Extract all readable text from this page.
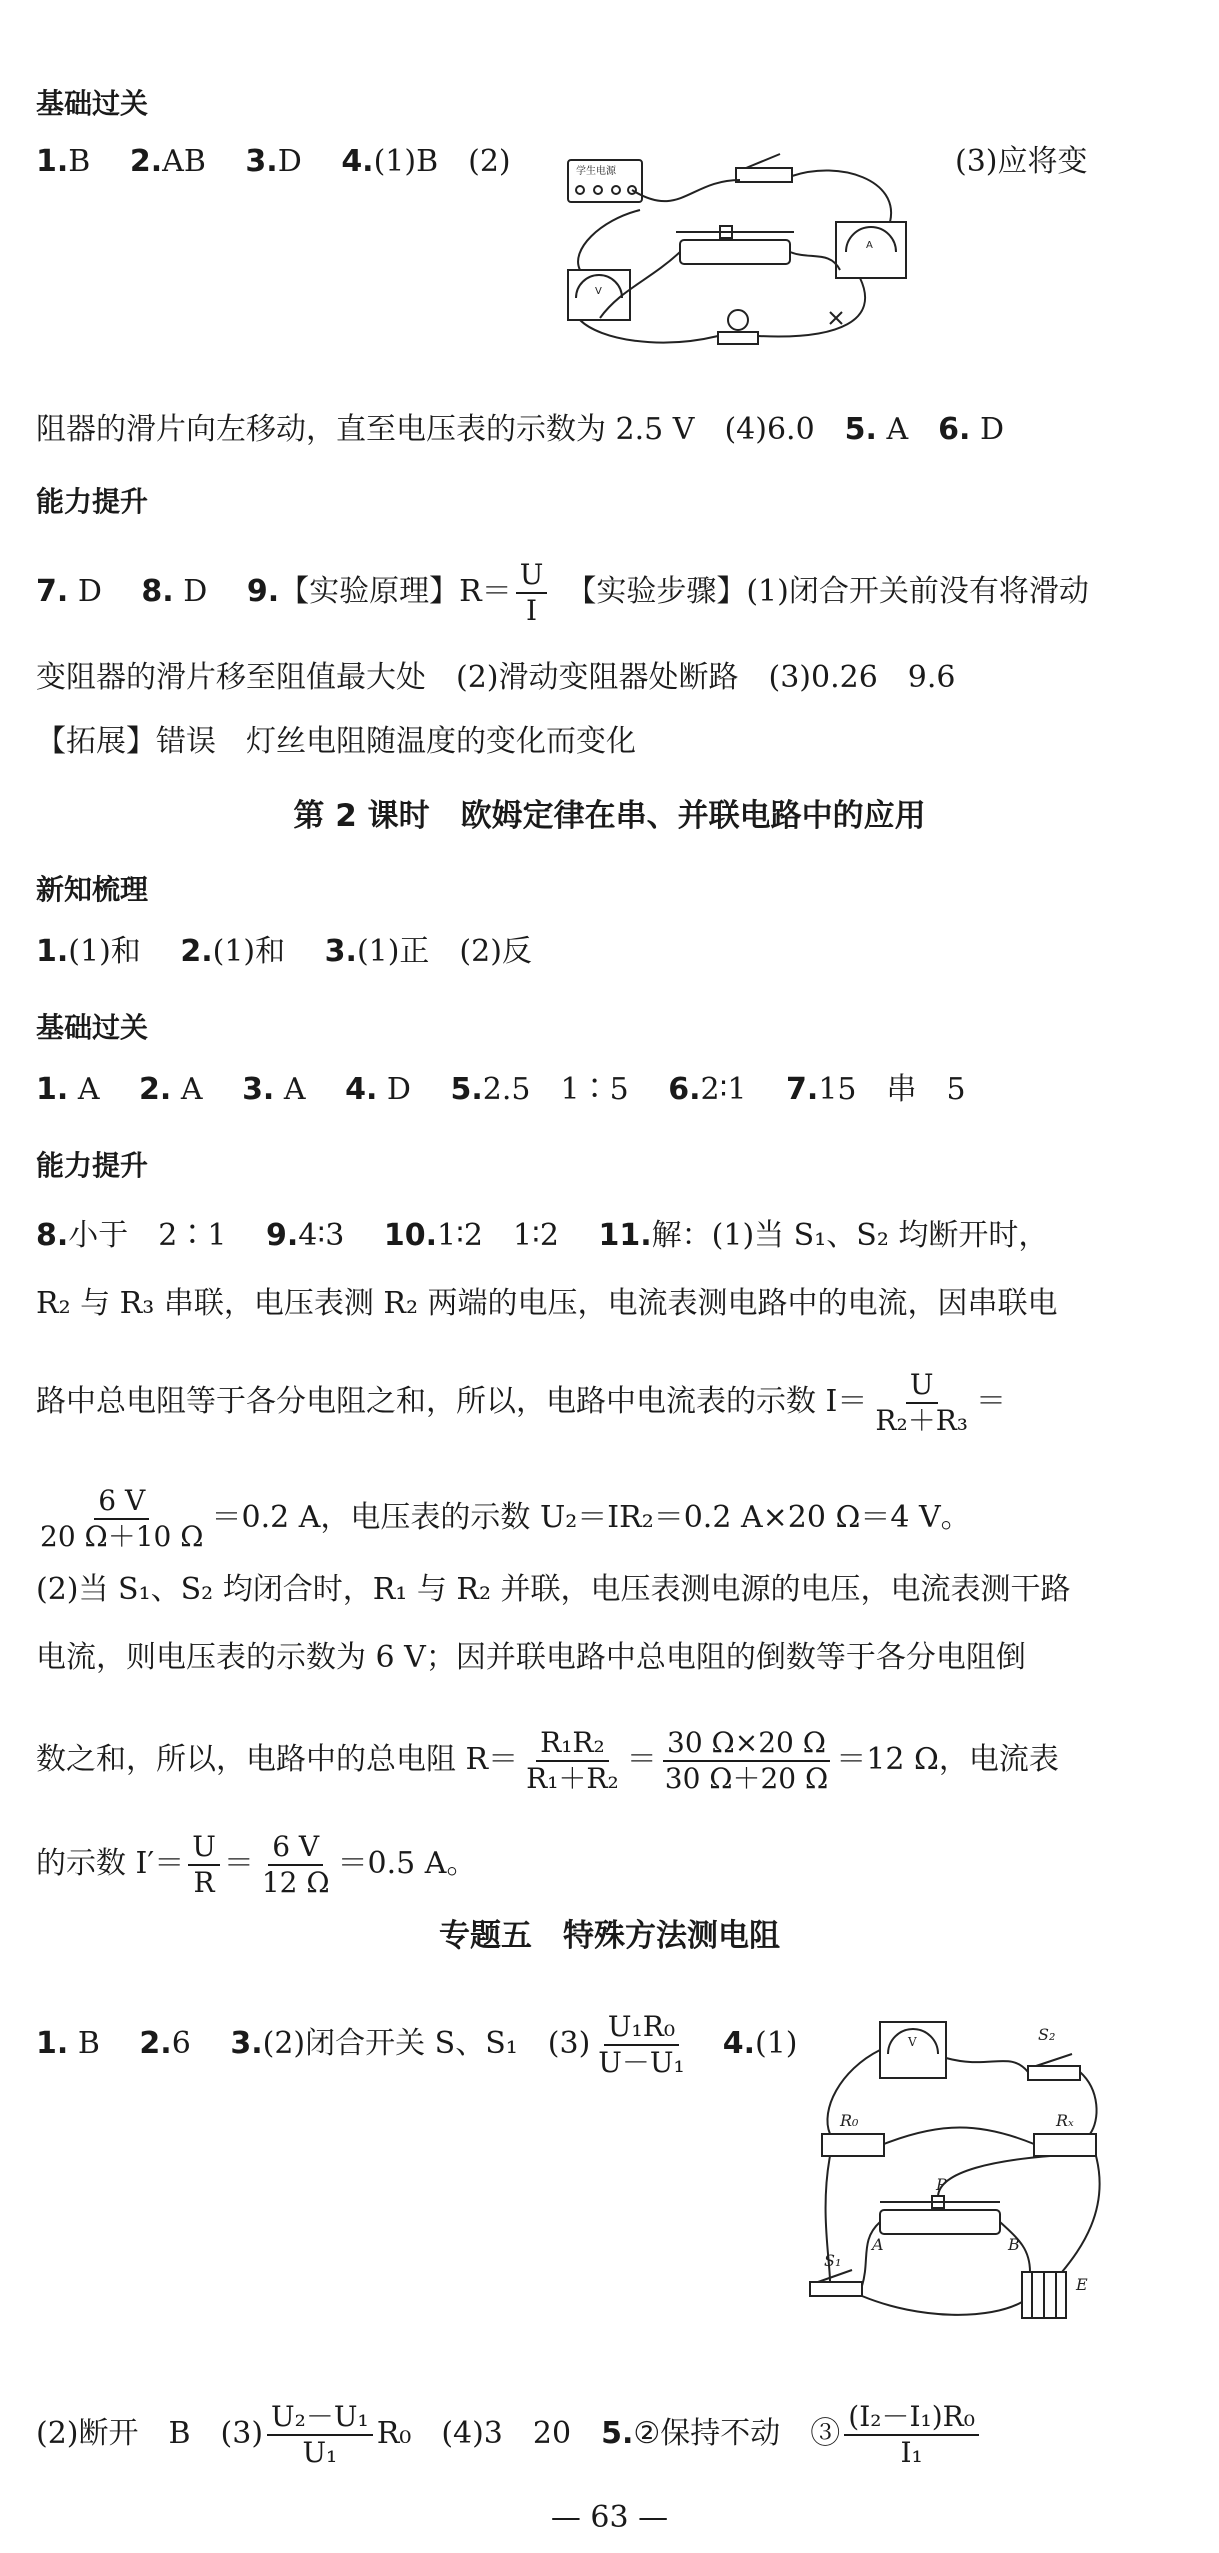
基础过关
1.B　 2.AB　 3.D　 4.(1)B　(2)	(3)应将变
学生电源
A
V
阻器的滑片向左移动，直至电压表的示数为 2.5 V　(4)6.0　5. A　6. D
能力提升
7. D　 8. D　 9.【实验原理】$R= \frac{U}{I}$ 　【实验步骤】(1)闭合开关前没有将滑动
变阻器的滑片移至阻值最大处　(2)滑动变阻器处断路　(3)0.26　9.6
【拓展】错误　灯丝电阻随温度的变化而变化
第 2 课时　欧姆定律在串、并联电路中的应用
新知梳理
1.(1)和　 2.(1)和　 3.(1)正　(2)反
基础过关
1. A　 2. A　 3. A　 4. D　 5.2.5　1∶5　 6.2∶1　 7.15　串　5
能力提升
8.小于　2∶1　 9.4∶3　 10.1∶2　1∶2　 11.解：(1)当 S₁、S₂ 均断开时，
R₂ 与 R₃ 串联，电压表测 R₂ 两端的电压，电流表测电路中的电流，因串联电
路中总电阻等于各分电阻之和，所以，电路中电流表的示数 $I= \frac{U}{\text{R₂＋R₃}}$ ＝
$\frac{6 V}{20 \Omega+10 \Omega} =0.2$ A，电压表的示数 U₂＝IR₂＝0.2 A×20 Ω＝4 V。
(2)当 S₁、S₂ 均闭合时，R₁ 与 R₂ 并联，电压表测电源的电压，电流表测干路
电流，则电压表的示数为 6 V；因并联电路中总电阻的倒数等于各分电阻倒
数之和，所以，电路中的总电阻 $R= \frac{\text{R₁R₂}}{\text{R₁＋R₂}} = \frac{30 \Omega\times 20 \Omega}{30 \Omega+20 \Omega} =12$ Ω，电流表
的示数 $I'= \frac{U}{R} = \frac{6 V}{12 \Omega} =0.5$ A。
专题五　特殊方法测电阻
1. B　 2.6　 3.(2)闭合开关 S、S₁　$(3) \frac{\text{U₁R₀}}{\text{U－U₁}}$
　 4.(1)	V	S₂
R₀	Rₓ
P
A	B
S₁
E
(2)断开　B　$(3) \frac{\text{U₂－U₁}}{\text{U₁}} R_0$　(4)3　20　5.②保持不动　③ $\frac{\text{(I₂－I₁)R₀}}{\text{I₁}}$
— 63 —
